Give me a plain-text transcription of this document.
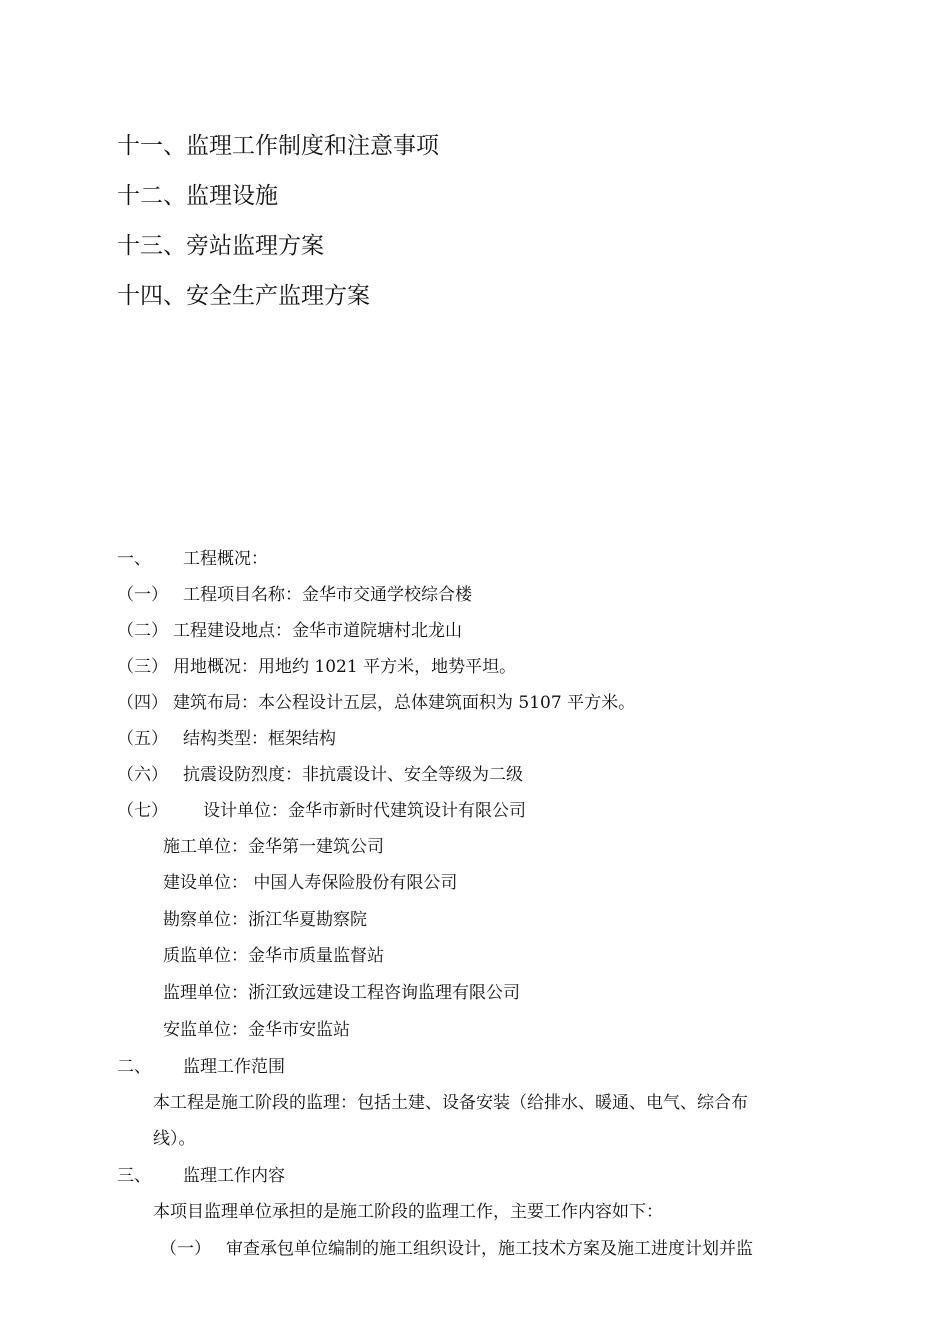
十一、监理工作制度和注意事项
十二、监理设施
十三、旁站监理方案
十四、安全生产监理方案
一、 工程概况：
（一） 工程项目名称：金华市交通学校综合楼
（二） 工程建设地点：金华市道院塘村北龙山
（三） 用地概况：用地约 1021 平方米，地势平坦。
（四） 建筑布局：本公程设计五层，总体建筑面积为 5107 平方米。
（五） 结构类型：框架结构
（六） 抗震设防烈度：非抗震设计、安全等级为二级
（七） 设计单位：金华市新时代建筑设计有限公司
施工单位：金华第一建筑公司
建设单位： 中国人寿保险股份有限公司
勘察单位：浙江华夏勘察院
质监单位：金华市质量监督站
监理单位：浙江致远建设工程咨询监理有限公司
安监单位：金华市安监站
二、 监理工作范围
本工程是施工阶段的监理：包括土建、设备安装（给排水、暖通、电气、综合布
线）。
三、 监理工作内容
本项目监理单位承担的是施工阶段的监理工作，主要工作内容如下：
（一） 审查承包单位编制的施工组织设计，施工技术方案及施工进度计划并监
